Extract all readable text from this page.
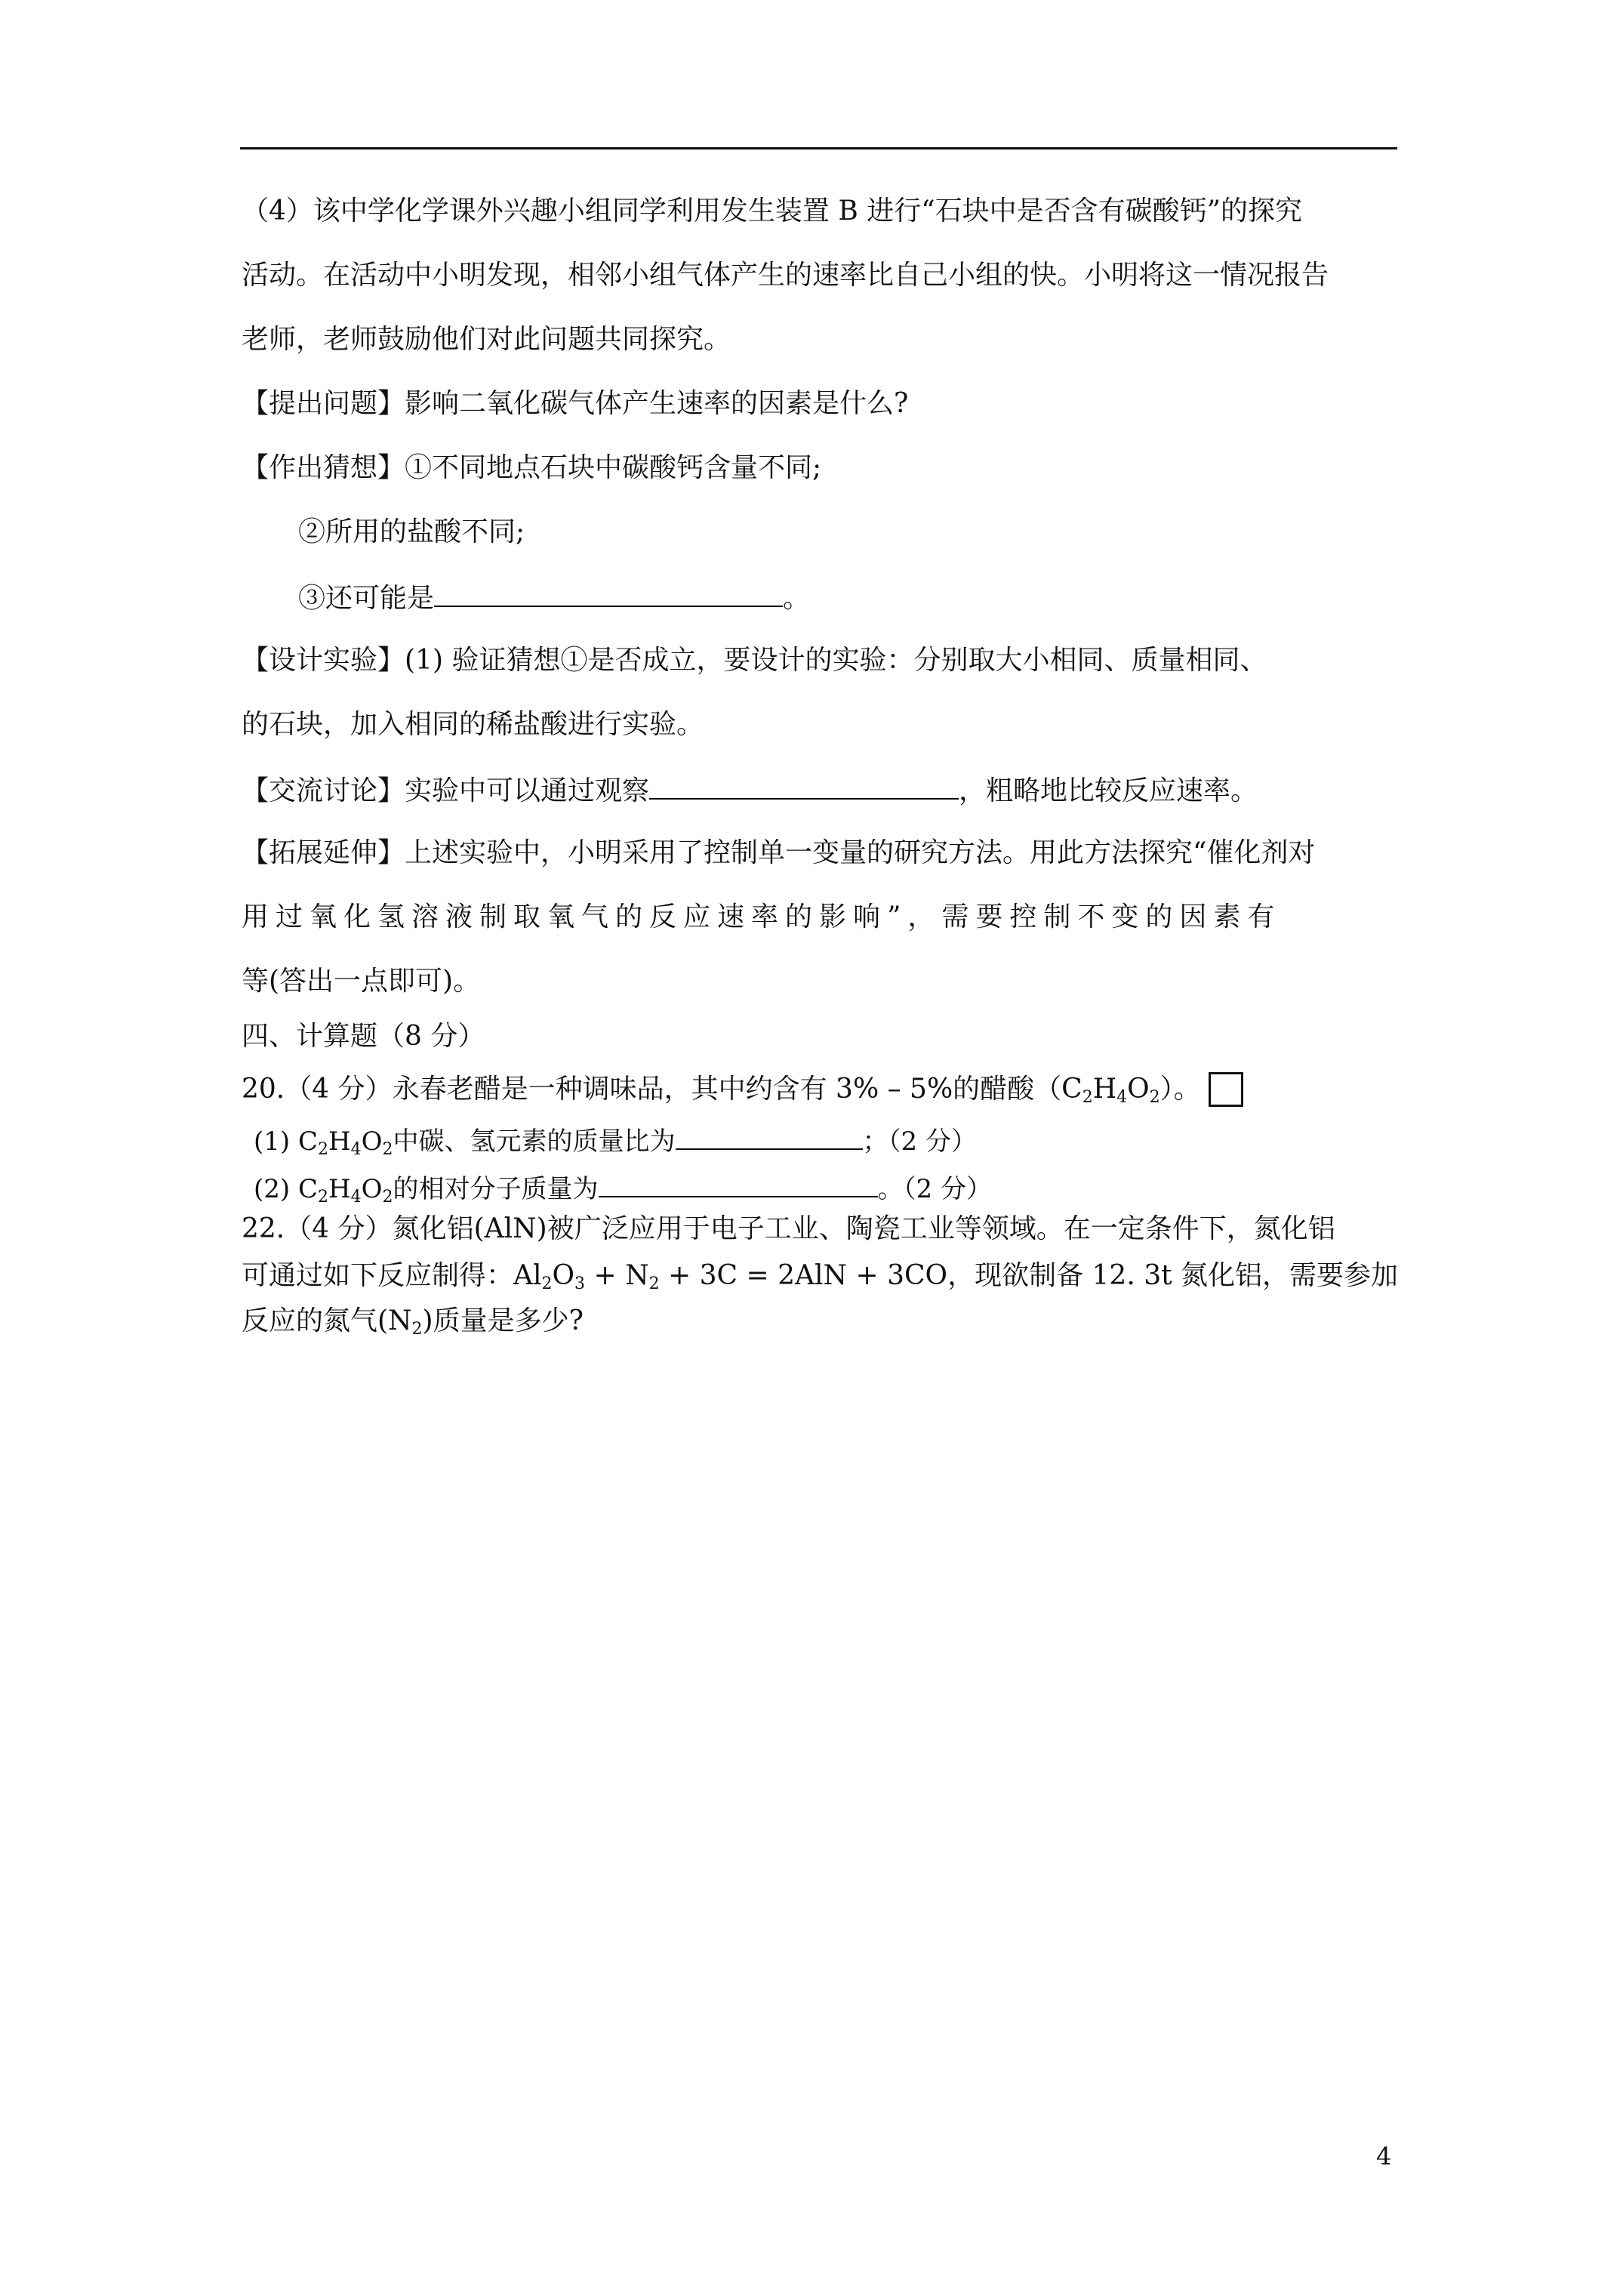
（4）该中学化学课外兴趣小组同学利用发生装置 B 进行“石块中是否含有碳酸钙”的探究
活动。在活动中小明发现，相邻小组气体产生的速率比自己小组的快。小明将这一情况报告
老师，老师鼓励他们对此问题共同探究。
【提出问题】影响二氧化碳气体产生速率的因素是什么?
【作出猜想】①不同地点石块中碳酸钙含量不同;
②所用的盐酸不同;
③还可能是	。
【设计实验】(1) 验证猜想①是否成立，要设计的实验：分别取大小相同、质量相同、
的石块，加入相同的稀盐酸进行实验。
【交流讨论】实验中可以通过观察	，粗略地比较反应速率。
【拓展延伸】上述实验中，小明采用了控制单一变量的研究方法。用此方法探究“催化剂对
用过氧化氢溶液制取氧气的反应速率的影响”，需要控制不变的因素有
等(答出一点即可)。
四、计算题（8 分）
20.（4 分）永春老醋是一种调味品，其中约含有 3% – 5%的醋酸$(C_2H_4O_2)$。
(1) $C_2H_4O_2$中碳、氢元素的质量比为	；（2 分）
(2) $C_2H_4O_2$的相对分子质量为	。（2 分）
22.（4 分）氮化铝(AlN)被广泛应用于电子工业、陶瓷工业等领域。在一定条件下，氮化铝
可通过如下反应制得：$Al_2O_3 + N_2 + 3C = 2AlN + 3CO$，现欲制备 12. 3t 氮化铝，需要参加
反应的氮气$(N_2)$质量是多少?
4
